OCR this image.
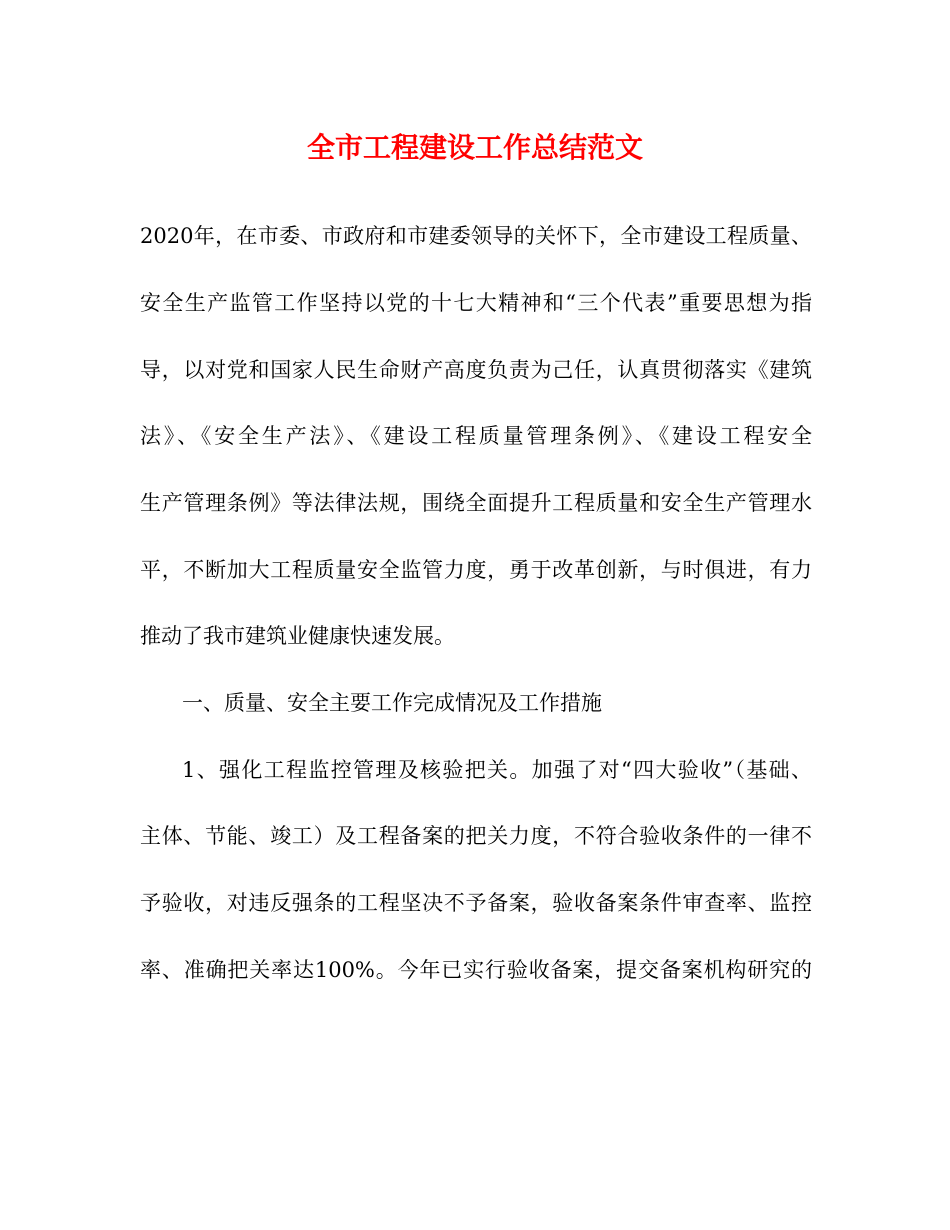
全市工程建设工作总结范文
2020年，在市委、市政府和市建委领导的关怀下，全市建设工程质量、
安全生产监管工作坚持以党的十七大精神和“三个代表”重要思想为指
导，以对党和国家人民生命财产高度负责为己任，认真贯彻落实《建筑
法》、《安全生产法》、《建设工程质量管理条例》、《建设工程安全
生产管理条例》等法律法规，围绕全面提升工程质量和安全生产管理水
平，不断加大工程质量安全监管力度，勇于改革创新，与时俱进，有力
推动了我市建筑业健康快速发展。
一、质量、安全主要工作完成情况及工作措施
1、强化工程监控管理及核验把关。加强了对“四大验收”（基础、
主体、节能、竣工）及工程备案的把关力度，不符合验收条件的一律不
予验收，对违反强条的工程坚决不予备案，验收备案条件审查率、监控
率、准确把关率达100%。今年已实行验收备案，提交备案机构研究的
